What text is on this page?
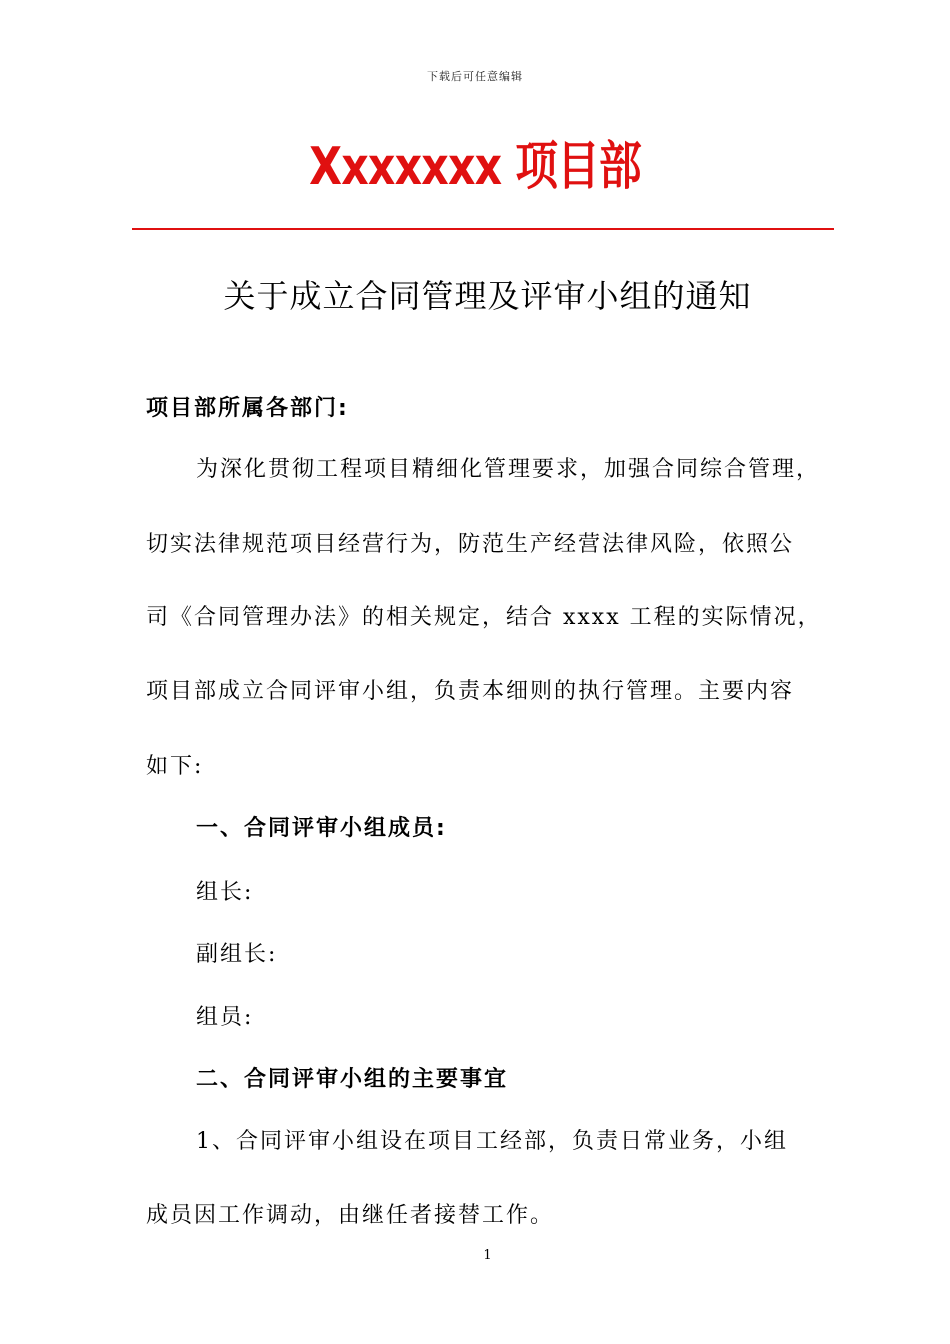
下载后可任意编辑
Xxxxxxx 项目部
关于成立合同管理及评审小组的通知
项目部所属各部门:
为深化贯彻工程项目精细化管理要求，加强合同综合管理，
切实法律规范项目经营行为，防范生产经营法律风险，依照公
司《合同管理办法》的相关规定，结合 xxxx 工程的实际情况，
项目部成立合同评审小组，负责本细则的执行管理。主要内容
如下:
一、合同评审小组成员:
组长:
副组长:
组员:
二、合同评审小组的主要事宜
1、合同评审小组设在项目工经部，负责日常业务，小组
成员因工作调动，由继任者接替工作。
1
